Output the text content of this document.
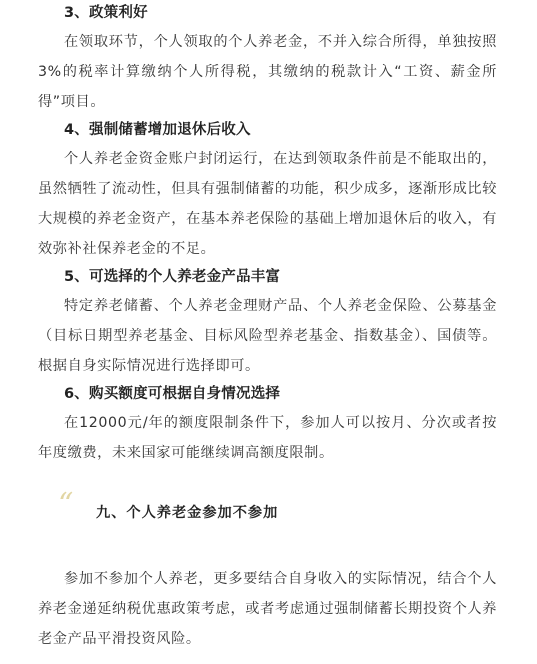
3、政策利好

在领取环节，个人领取的个人养老金，不并入综合所得，单独按照3%的税率计算缴纳个人所得税，其缴纳的税款计入“工资、薪金所得”项目。

4、强制储蓄增加退休后收入

个人养老金资金账户封闭运行，在达到领取条件前是不能取出的，虽然牺牲了流动性，但具有强制储蓄的功能，积少成多，逐渐形成比较大规模的养老金资产，在基本养老保险的基础上增加退休后的收入，有效弥补社保养老金的不足。

5、可选择的个人养老金产品丰富

特定养老储蓄、个人养老金理财产品、个人养老金保险、公募基金（目标日期型养老基金、目标风险型养老基金、指数基金）、国债等。根据自身实际情况进行选择即可。

6、购买额度可根据自身情况选择

在12000元/年的额度限制条件下，参加人可以按月、分次或者按年度缴费，未来国家可能继续调高额度限制。

“ 九、个人养老金参加不参加

参加不参加个人养老，更多要结合自身收入的实际情况，结合个人养老金递延纳税优惠政策考虑，或者考虑通过强制储蓄长期投资个人养老金产品平滑投资风险。
